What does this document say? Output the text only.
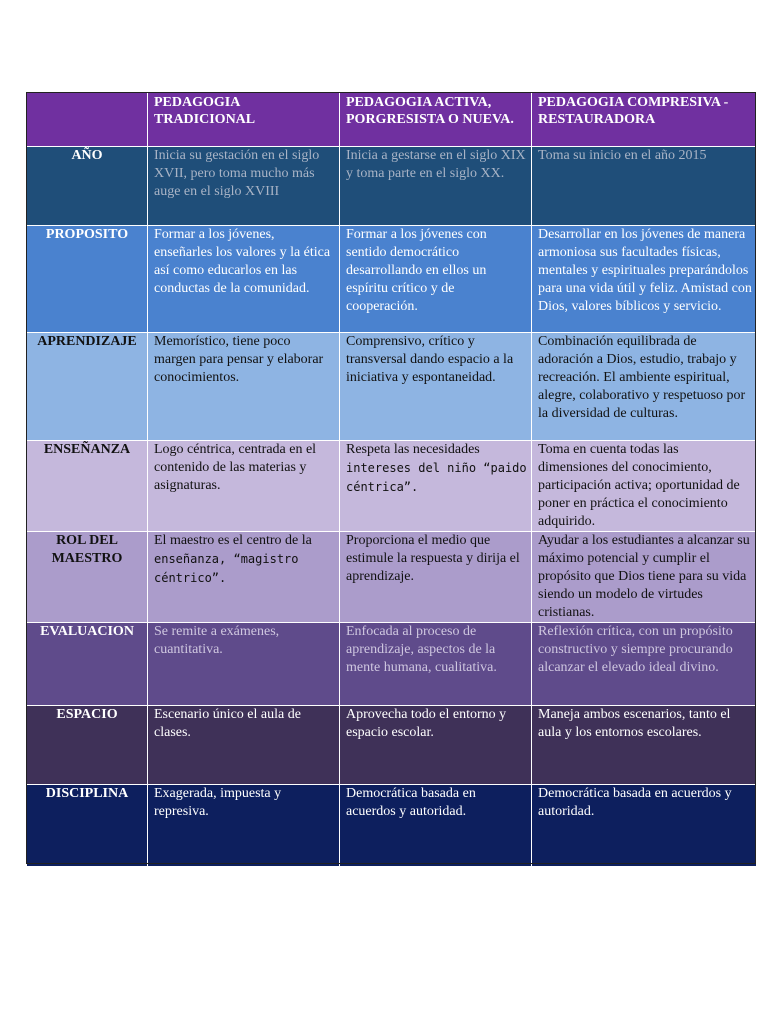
	PEDAGOGIA TRADICIONAL	PEDAGOGIA ACTIVA, PORGRESISTA O NUEVA.	PEDAGOGIA COMPRESIVA - RESTAURADORA
AÑO	Inicia su gestación en el siglo XVII, pero toma mucho más auge en el siglo XVIII	Inicia a gestarse en el siglo XIX y toma parte en el siglo XX.	Toma su inicio en el año 2015
PROPOSITO	Formar a los jóvenes, enseñarles los valores y la ética así como educarlos en las conductas de la comunidad.	Formar a los jóvenes con sentido democrático desarrollando en ellos un espíritu crítico y de cooperación.	Desarrollar en los jóvenes de manera armoniosa sus facultades físicas, mentales y espirituales preparándolos para una vida útil y feliz. Amistad con Dios, valores bíblicos y servicio.
APRENDIZAJE	Memorístico, tiene poco margen para pensar y elaborar conocimientos.	Comprensivo, crítico y transversal dando espacio a la iniciativa y espontaneidad.	Combinación equilibrada de adoración a Dios, estudio, trabajo y recreación. El ambiente espiritual, alegre, colaborativo y respetuoso por la diversidad de culturas.
ENSEÑANZA	Logo céntrica, centrada en el contenido de las materias y asignaturas.	Respeta las necesidades intereses del niño “paido céntrica”.	Toma en cuenta todas las dimensiones del conocimiento, participación activa; oportunidad de poner en práctica el conocimiento adquirido.
ROL DEL MAESTRO	El maestro es el centro de la enseñanza, “magistro céntrico”.	Proporciona el medio que estimule la respuesta y dirija el aprendizaje.	Ayudar a los estudiantes a alcanzar su máximo potencial y cumplir el propósito que Dios tiene para su vida siendo un modelo de virtudes cristianas.
EVALUACION	Se remite a exámenes, cuantitativa.	Enfocada al proceso de aprendizaje, aspectos de la mente humana, cualitativa.	Reflexión crítica, con un propósito constructivo y siempre procurando alcanzar el elevado ideal divino.
ESPACIO	Escenario único el aula de clases.	Aprovecha todo el entorno y espacio escolar.	Maneja ambos escenarios, tanto el aula y los entornos escolares.
DISCIPLINA	Exagerada, impuesta y represiva.	Democrática basada en acuerdos y autoridad.	Democrática basada en acuerdos y autoridad.
